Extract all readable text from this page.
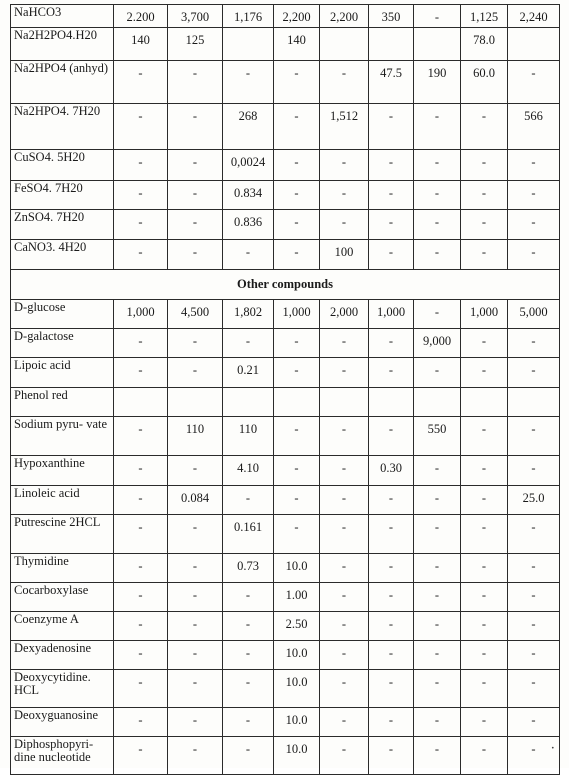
NaHCO3	2.200	3,700	1,176	2,200	2,200	350	-	1,125	2,240
Na2H2PO4.H20	140	125		140				78.0	
Na2HPO4 (anhyd)	-	-	-	-	-	47.5	190	60.0	-
Na2HPO4. 7H20	-	-	268	-	1,512	-	-	-	566
CuSO4. 5H20	-	-	0,0024	-	-	-	-	-	-
FeSO4. 7H20	-	-	0.834	-	-	-	-	-	-
ZnSO4. 7H20	-	-	0.836	-	-	-	-	-	-
CaNO3. 4H20	-	-	-	-	100	-	-	-	-
Other compounds									
D-glucose	1,000	4,500	1,802	1,000	2,000	1,000	-	1,000	5,000
D-galactose	-	-	-	-	-	-	9,000	-	-
Lipoic acid	-	-	0.21	-	-	-	-	-	-
Phenol red									
Sodium pyru- vate	-	110	110	-	-	-	550	-	-
Hypoxanthine	-	-	4.10	-	-	0.30	-	-	-
Linoleic acid	-	0.084	-	-	-	-	-	-	25.0
Putrescine 2HCL	-	-	0.161	-	-	-	-	-	-
Thymidine	-	-	0.73	10.0	-	-	-	-	-
Cocarboxylase	-	-	-	1.00	-	-	-	-	-
Coenzyme A	-	-	-	2.50	-	-	-	-	-
Dexyadenosine	-	-	-	10.0	-	-	-	-	-
Deoxycytidine. HCL	-	-	-	10.0	-	-	-	-	-
Deoxyguanosine	-	-	-	10.0	-	-	-	-	-
Diphosphopyri- dine nucleotide	-	-	-	10.0	-	-	-	-	-	•
